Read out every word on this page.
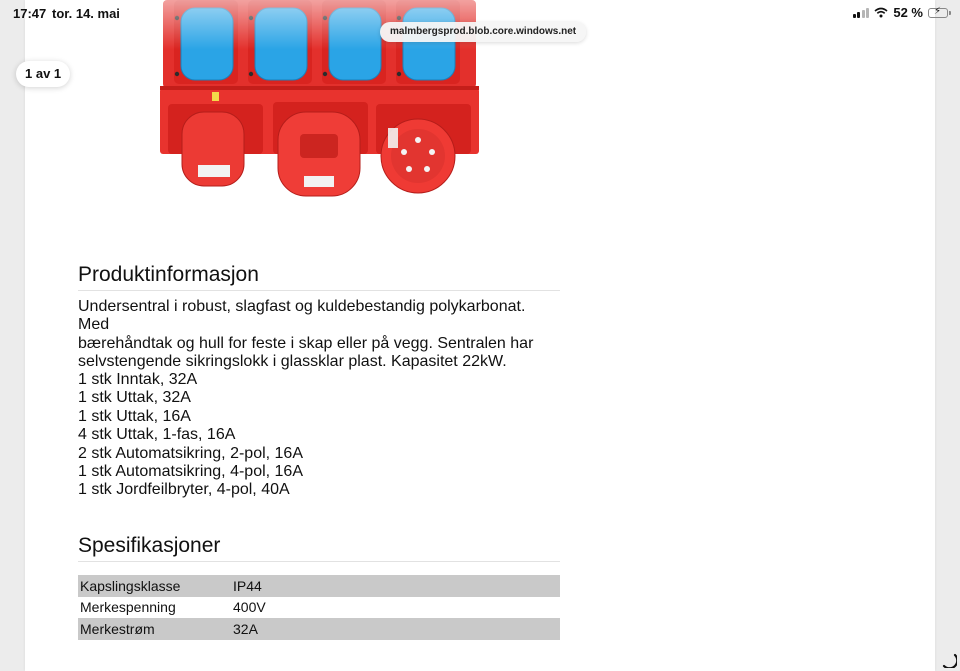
17:47 tor. 14. mai	52 % ⚡
malmbergsprod.blob.core.windows.net
1 av 1
Produktinformasjon

Undersentral i robust, slagfast og kuldebestandig polykarbonat. Med
bærehåndtak og hull for feste i skap eller på vegg. Sentralen har
selvstengende sikringslokk i glassklar plast. Kapasitet 22kW.

1 stk Inntak, 32A
1 stk Uttak, 32A
1 stk Uttak, 16A
4 stk Uttak, 1-fas, 16A
2 stk Automatsikring, 2-pol, 16A
1 stk Automatsikring, 4-pol, 16A
1 stk Jordfeilbryter, 4-pol, 40A
Spesifikasjoner
Kapslingsklasse	IP44
Merkespenning	400V
Merkestrøm	32A
